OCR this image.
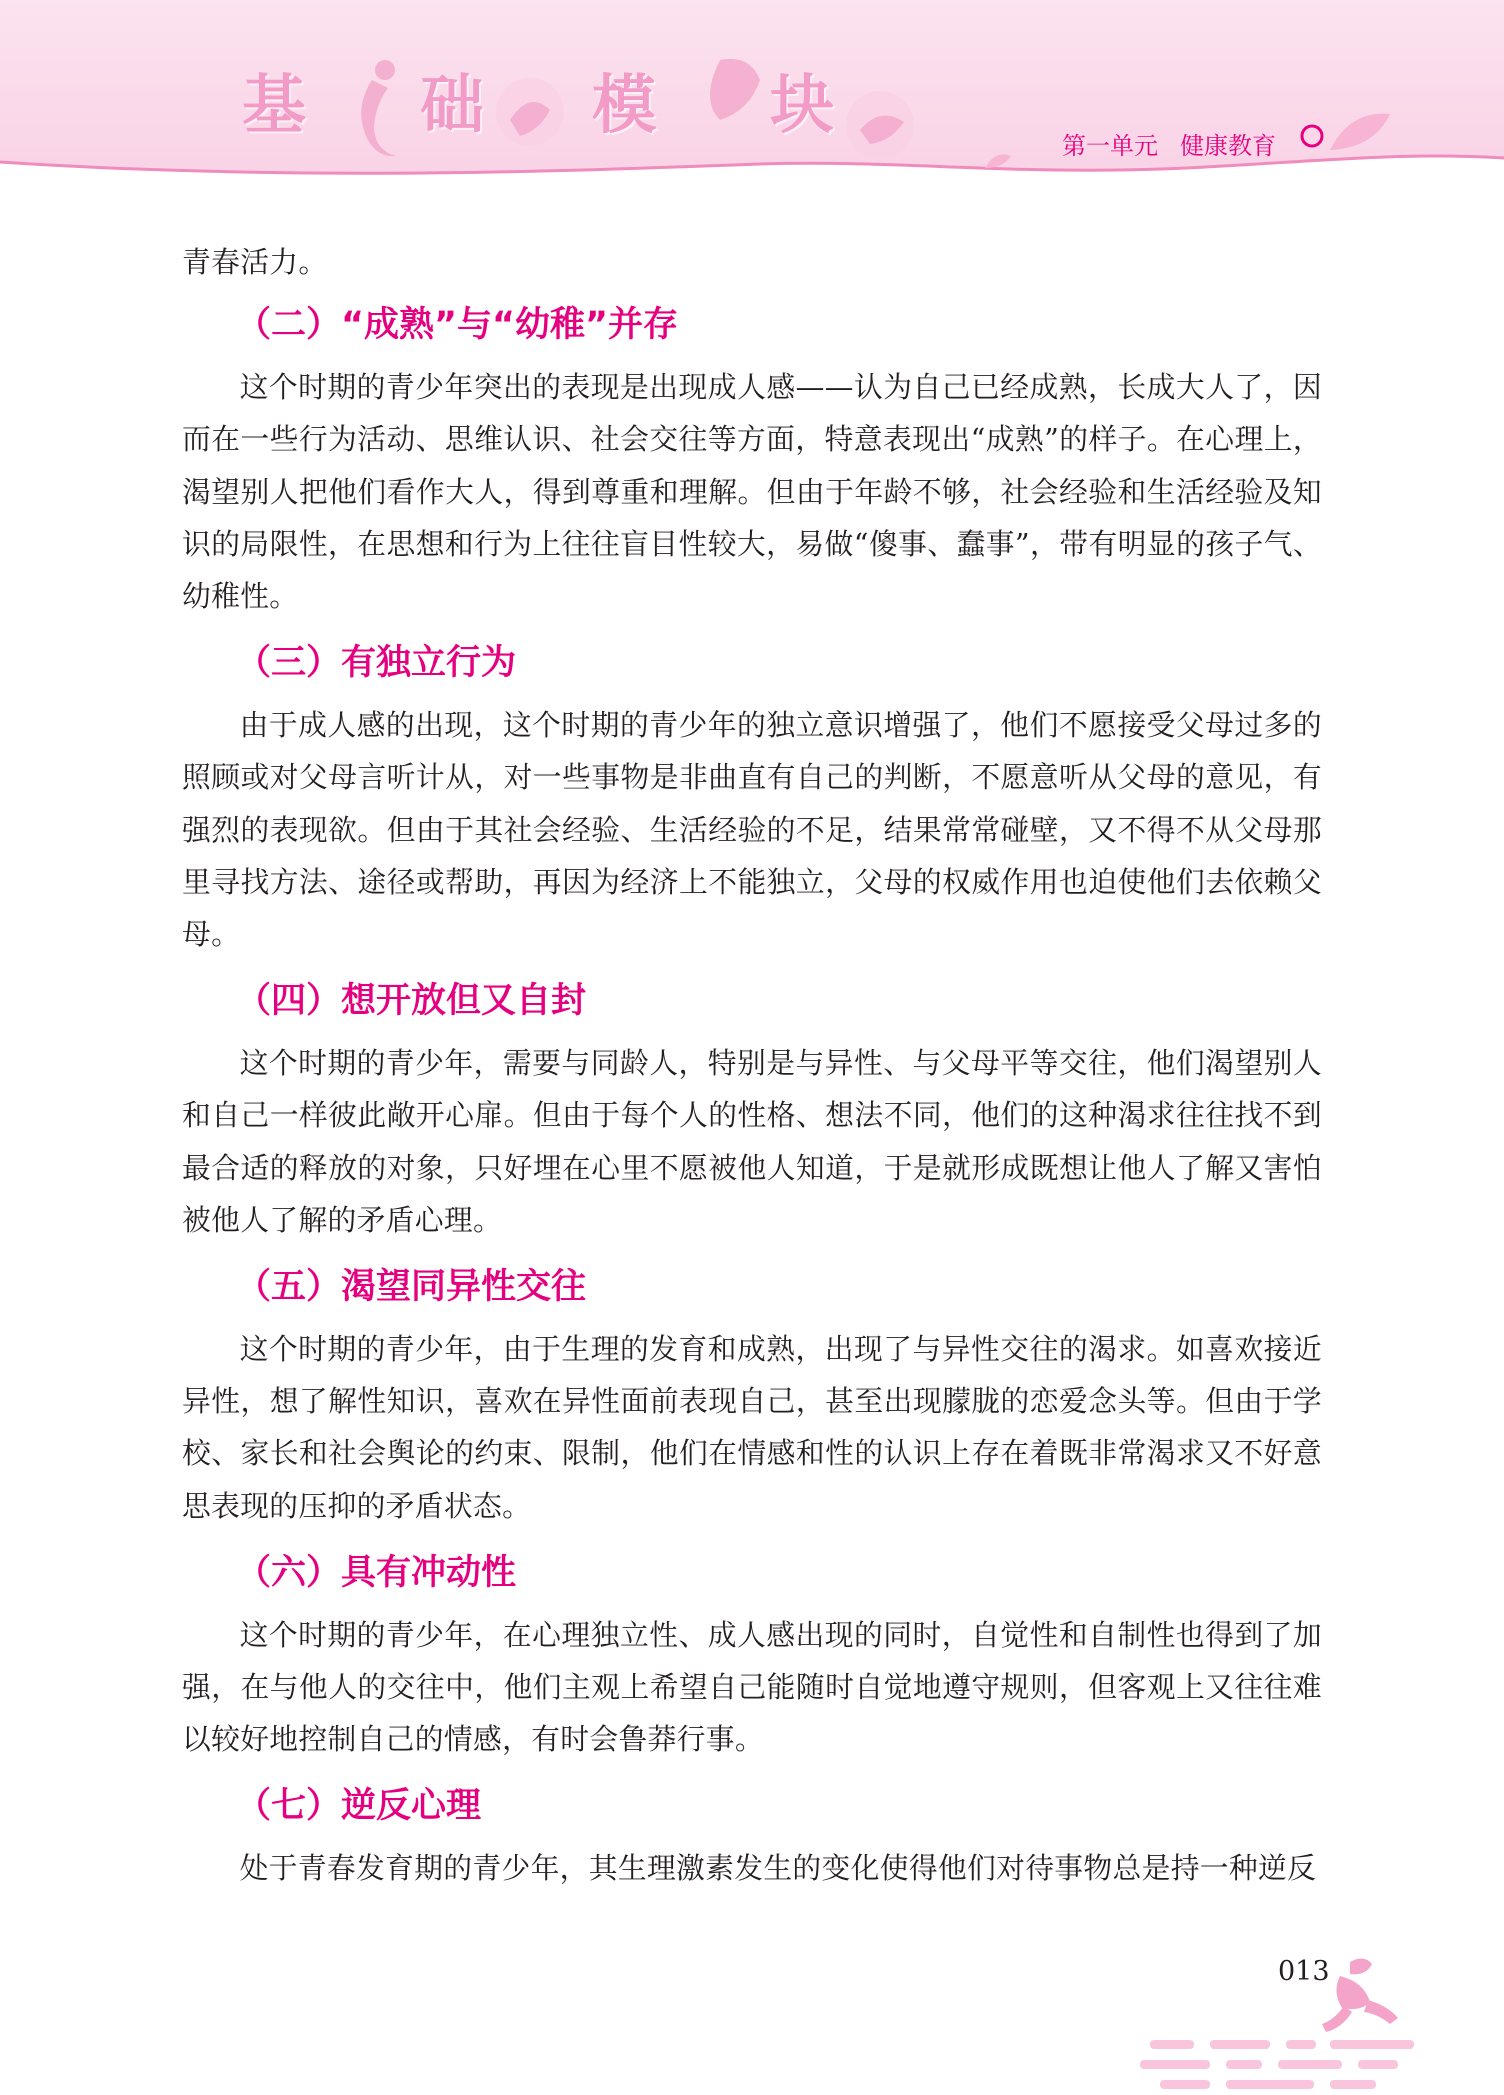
基 础 模 块
第一单元 健康教育

青春活力。

（二）“成熟”与“幼稚”并存

这个时期的青少年突出的表现是出现成人感——认为自己已经成熟，长成大人了，因而在一些行为活动、思维认识、社会交往等方面，特意表现出“成熟”的样子。在心理上，渴望别人把他们看作大人，得到尊重和理解。但由于年龄不够，社会经验和生活经验及知识的局限性，在思想和行为上往往盲目性较大，易做“傻事、蠢事”，带有明显的孩子气、幼稚性。

（三）有独立行为

由于成人感的出现，这个时期的青少年的独立意识增强了，他们不愿接受父母过多的照顾或对父母言听计从，对一些事物是非曲直有自己的判断，不愿意听从父母的意见，有强烈的表现欲。但由于其社会经验、生活经验的不足，结果常常碰壁，又不得不从父母那里寻找方法、途径或帮助，再因为经济上不能独立，父母的权威作用也迫使他们去依赖父母。

（四）想开放但又自封

这个时期的青少年，需要与同龄人，特别是与异性、与父母平等交往，他们渴望别人和自己一样彼此敞开心扉。但由于每个人的性格、想法不同，他们的这种渴求往往找不到最合适的释放的对象，只好埋在心里不愿被他人知道，于是就形成既想让他人了解又害怕被他人了解的矛盾心理。

（五）渴望同异性交往

这个时期的青少年，由于生理的发育和成熟，出现了与异性交往的渴求。如喜欢接近异性，想了解性知识，喜欢在异性面前表现自己，甚至出现朦胧的恋爱念头等。但由于学校、家长和社会舆论的约束、限制，他们在情感和性的认识上存在着既非常渴求又不好意思表现的压抑的矛盾状态。

（六）具有冲动性

这个时期的青少年，在心理独立性、成人感出现的同时，自觉性和自制性也得到了加强，在与他人的交往中，他们主观上希望自己能随时自觉地遵守规则，但客观上又往往难以较好地控制自己的情感，有时会鲁莽行事。

（七）逆反心理

处于青春发育期的青少年，其生理激素发生的变化使得他们对待事物总是持一种逆反

013
